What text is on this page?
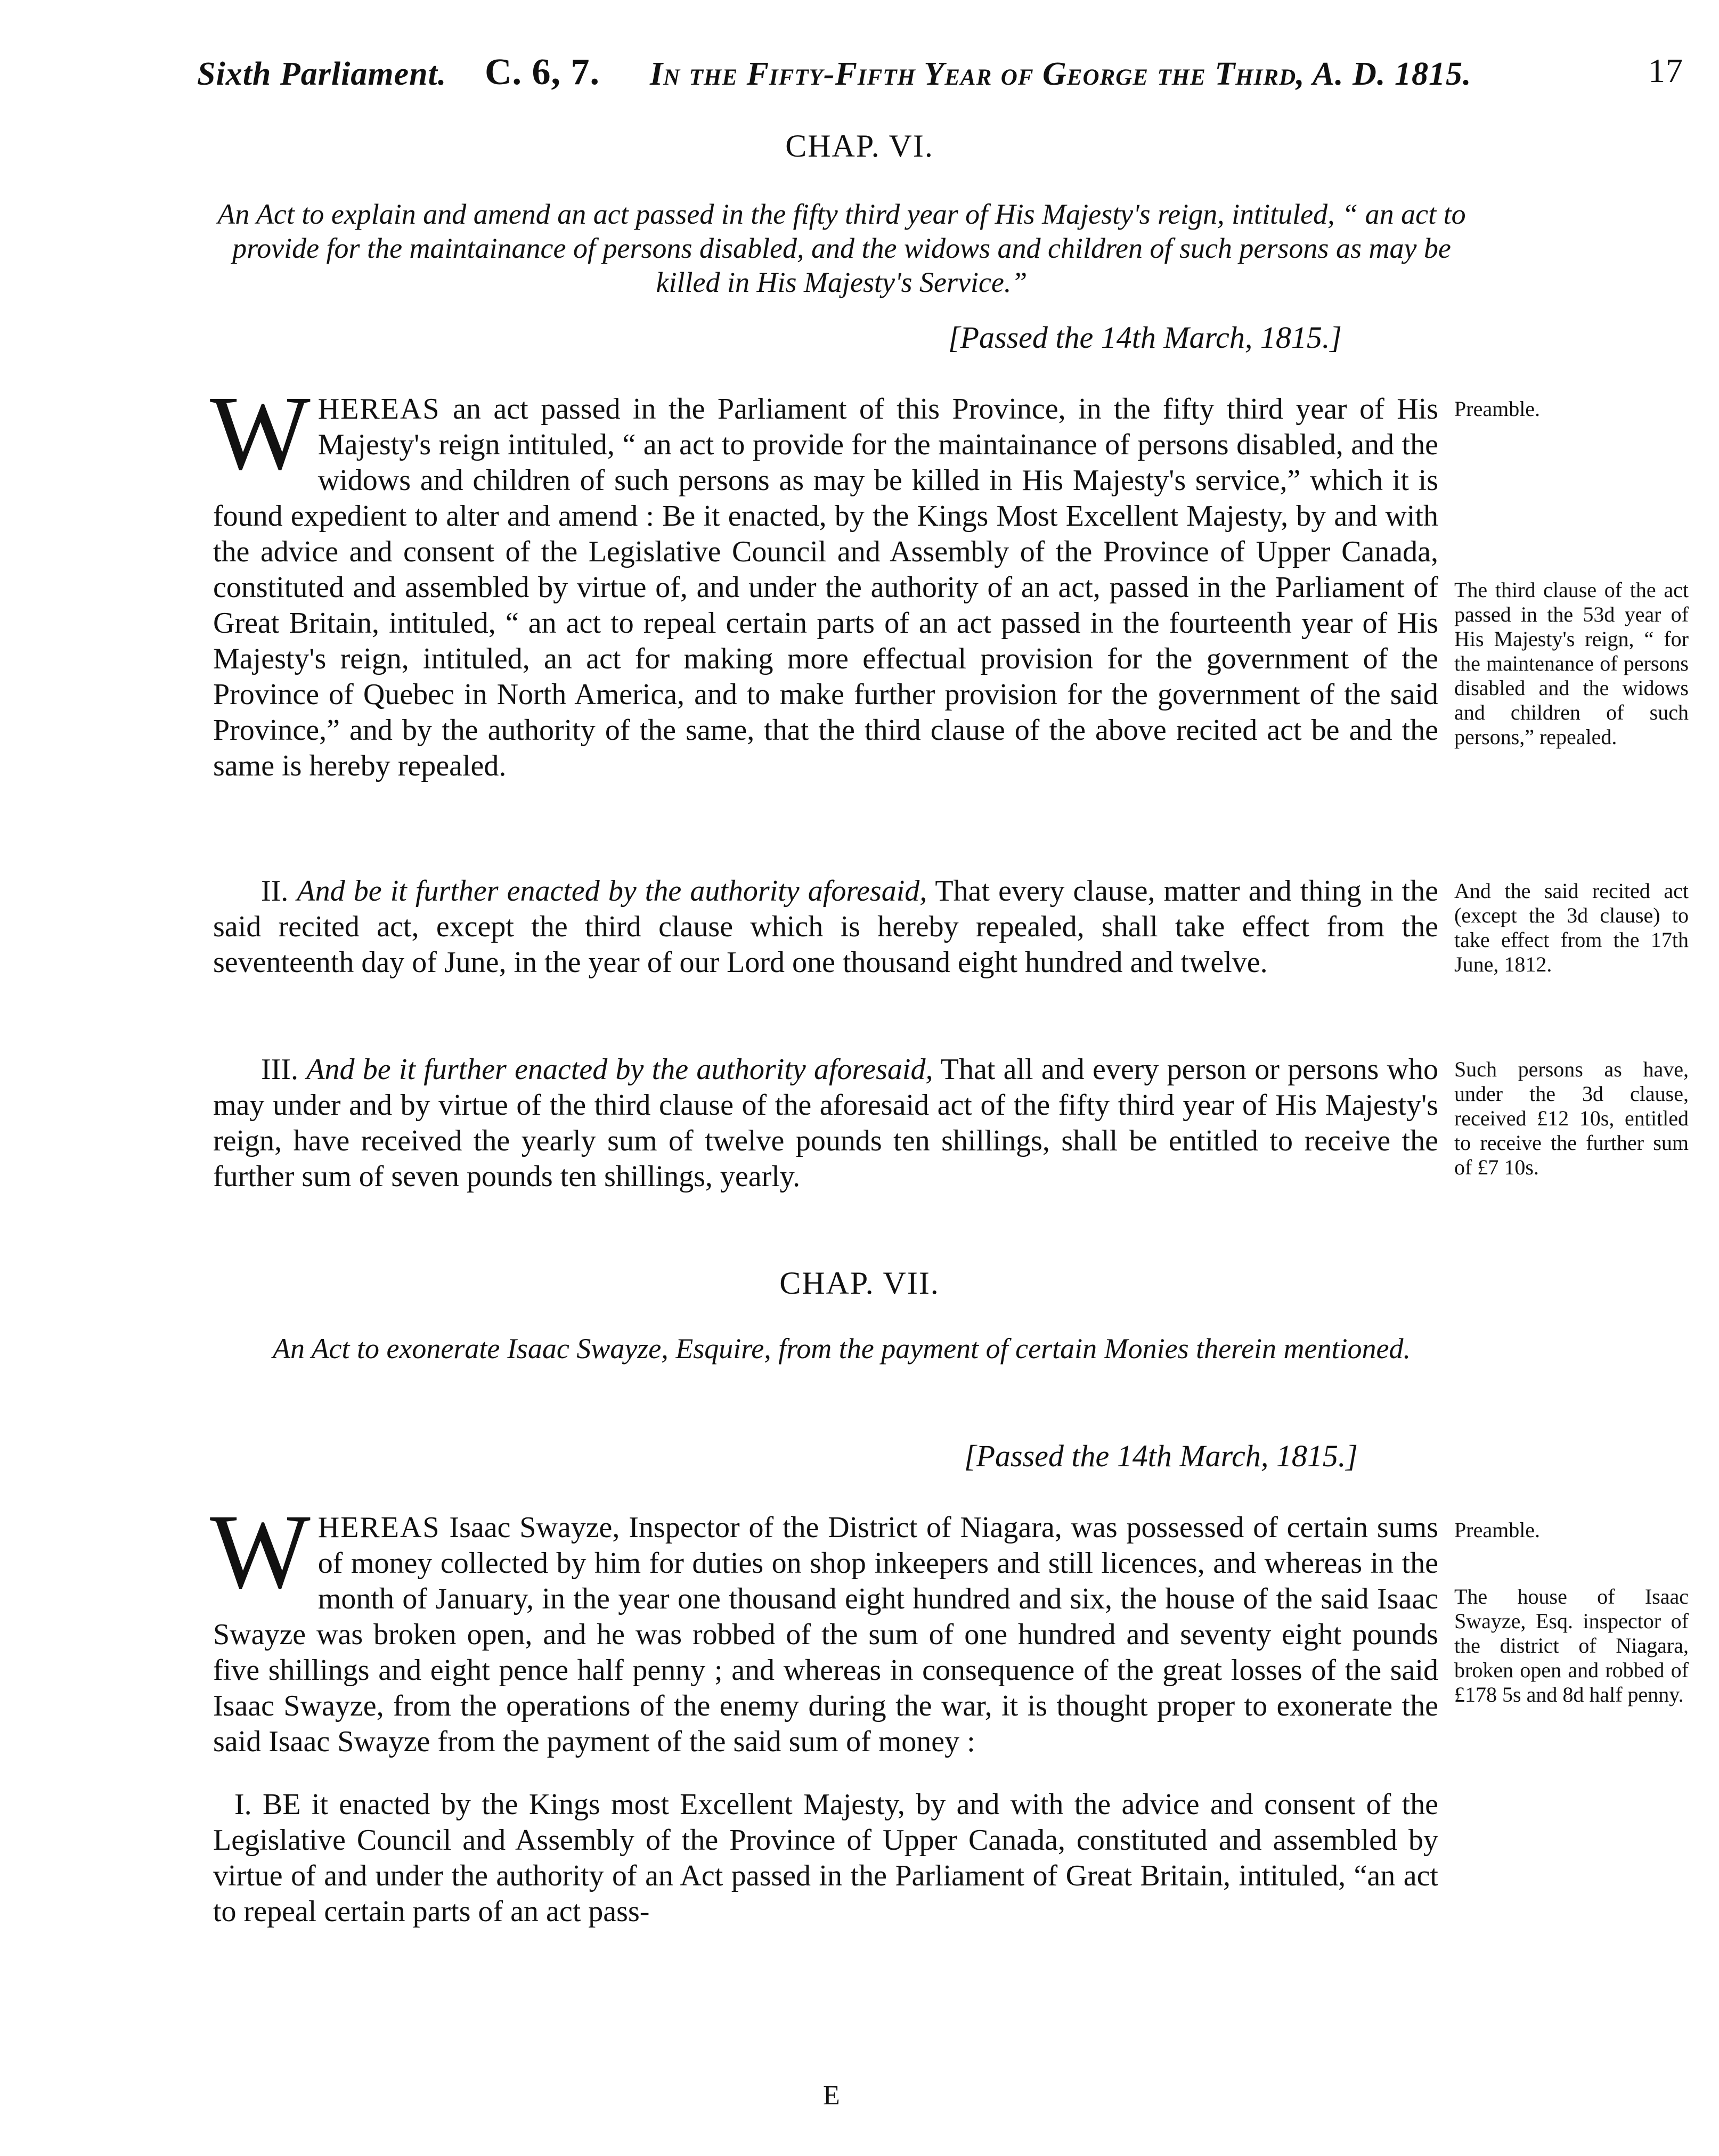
Sixth Parliament. C. 6, 7. In the Fifty-Fifth Year of George the Third, A. D. 1815.	17
CHAP. VI.
An Act to explain and amend an act passed in the fifty third year of His Majesty's reign, intituled, “ an act to provide for the maintainance of persons disabled, and the widows and children of such persons as may be killed in His Majesty's Service.”
[Passed the 14th March, 1815.]

WHEREAS an act passed in the Parliament of this Province, in the fifty third year of His Majesty's reign intituled, “ an act to provide for the maintainance of persons disabled, and the widows and children of such persons as may be killed in His Majesty's service,” which it is found expedient to alter and amend : Be it enacted, by the Kings Most Excellent Majesty, by and with the advice and consent of the Legislative Council and Assembly of the Province of Upper Canada, constituted and assembled by virtue of, and under the authority of an act, passed in the Parliament of Great Britain, intituled, “ an act to repeal certain parts of an act passed in the fourteenth year of His Majesty's reign, intituled, an act for making more effectual provision for the government of the Province of Quebec in North America, and to make further provision for the government of the said Province,” and by the authority of the same, that the third clause of the above recited act be and the same is hereby repealed.

II. And be it further enacted by the authority aforesaid, That every clause, matter and thing in the said recited act, except the third clause which is hereby repealed, shall take effect from the seventeenth day of June, in the year of our Lord one thousand eight hundred and twelve.

III. And be it further enacted by the authority aforesaid, That all and every person or persons who may under and by virtue of the third clause of the aforesaid act of the fifty third year of His Majesty's reign, have received the yearly sum of twelve pounds ten shillings, shall be entitled to receive the further sum of seven pounds ten shillings, yearly.

Preamble.
The third clause of the act passed in the 53d year of His Majesty's reign, “ for the maintenance of persons disabled and the widows and children of such persons,” repealed.
And the said recited act (except the 3d clause) to take effect from the 17th June, 1812.
Such persons as have, under the 3d clause, received £12 10s, entitled to receive the further sum of £7 10s.
CHAP. VII.
An Act to exonerate Isaac Swayze, Esquire, from the payment of certain Monies therein mentioned.
[Passed the 14th March, 1815.]

WHEREAS Isaac Swayze, Inspector of the District of Niagara, was possessed of certain sums of money collected by him for duties on shop inkeepers and still licences, and whereas in the month of January, in the year one thousand eight hundred and six, the house of the said Isaac Swayze was broken open, and he was robbed of the sum of one hundred and seventy eight pounds five shillings and eight pence half penny ; and whereas in consequence of the great losses of the said Isaac Swayze, from the operations of the enemy during the war, it is thought proper to exonerate the said Isaac Swayze from the payment of the said sum of money :

I. BE it enacted by the Kings most Excellent Majesty, by and with the advice and consent of the Legislative Council and Assembly of the Province of Upper Canada, constituted and assembled by virtue of and under the authority of an Act passed in the Parliament of Great Britain, intituled, “an act to repeal certain parts of an act pass-

Preamble.
The house of Isaac Swayze, Esq. inspector of the district of Niagara, broken open and robbed of £178 5s and 8d half penny.
E
